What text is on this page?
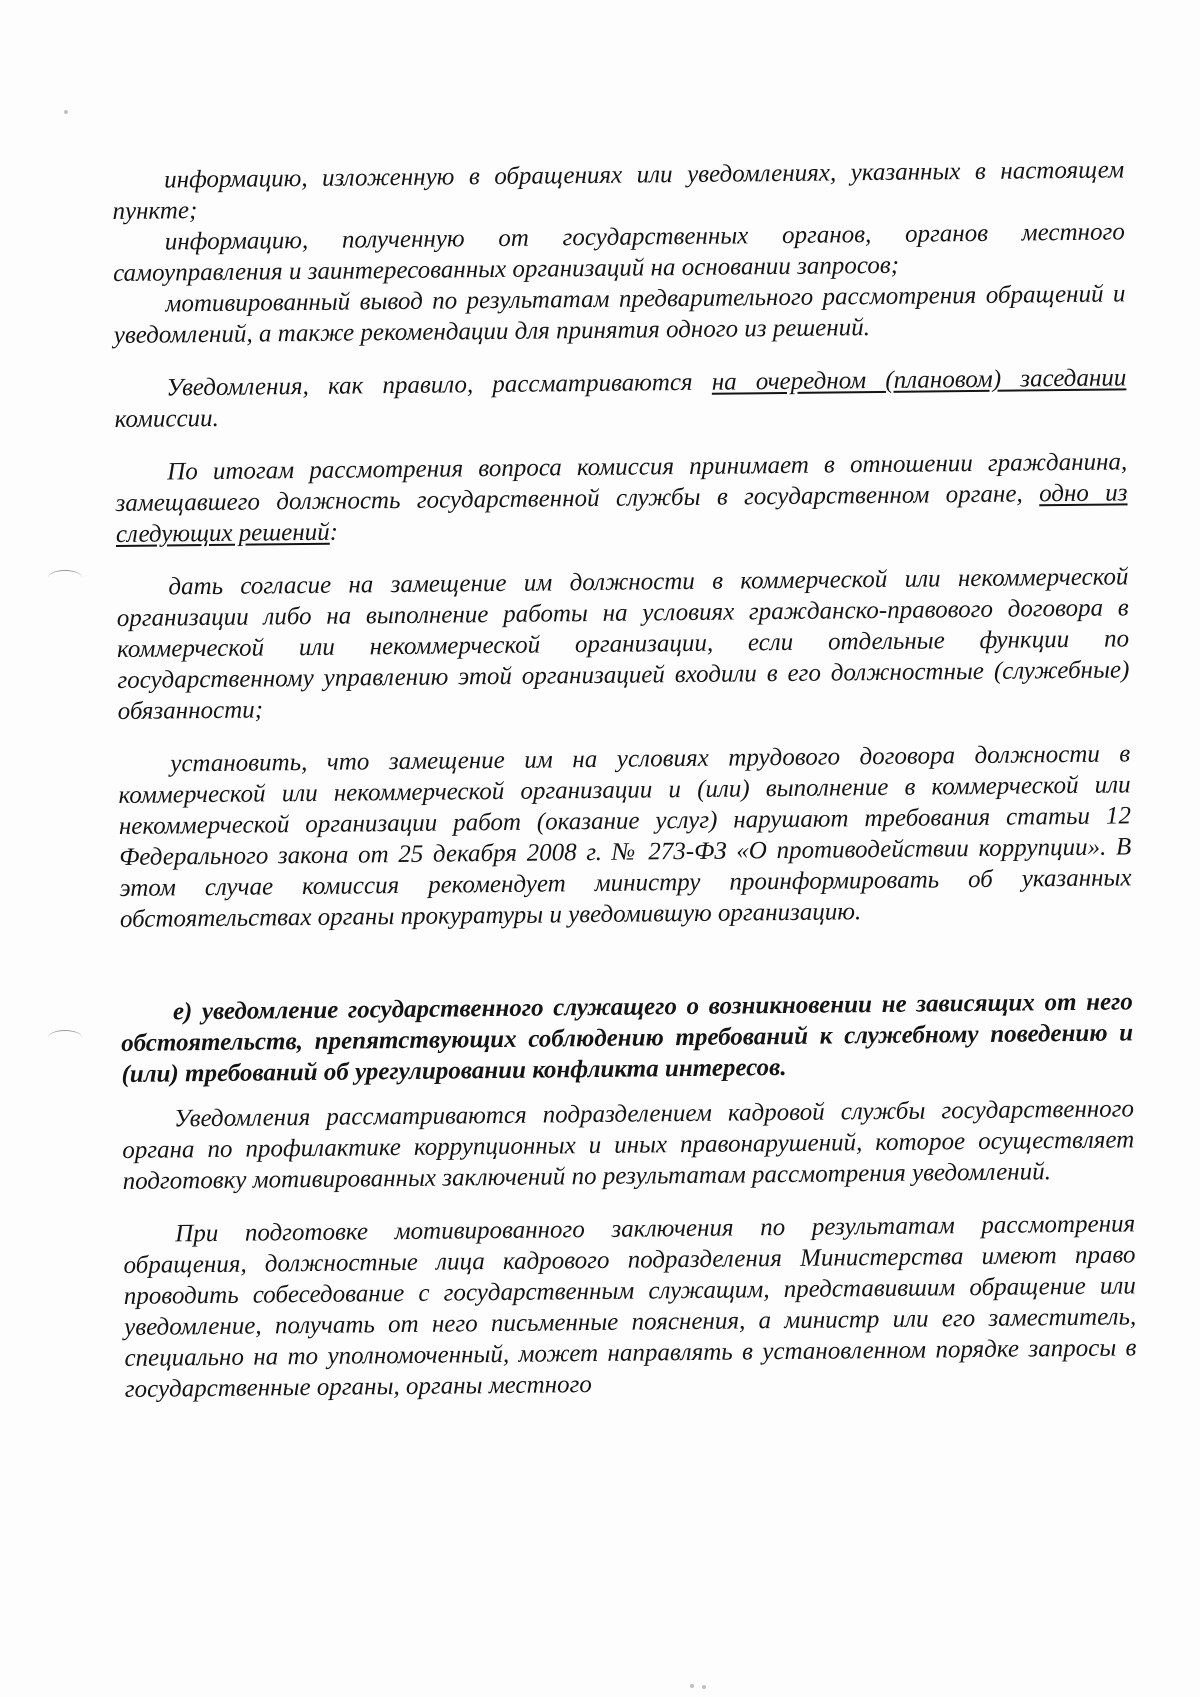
информацию, изложенную в обращениях или уведомлениях, указанных в настоящем пункте;

информацию, полученную от государственных органов, органов местного самоуправления и заинтересованных организаций на основании запросов;

мотивированный вывод по результатам предварительного рассмотрения обращений и уведомлений, а также рекомендации для принятия одного из решений.

Уведомления, как правило, рассматриваются на очередном (плановом) заседании комиссии.

По итогам рассмотрения вопроса комиссия принимает в отношении гражданина, замещавшего должность государственной службы в государственном органе, одно из следующих решений:

дать согласие на замещение им должности в коммерческой или некоммерческой организации либо на выполнение работы на условиях гражданско-правового договора в коммерческой или некоммерческой организации, если отдельные функции по государственному управлению этой организацией входили в его должностные (служебные) обязанности;

установить, что замещение им на условиях трудового договора должности в коммерческой или некоммерческой организации и (или) выполнение в коммерческой или некоммерческой организации работ (оказание услуг) нарушают требования статьи 12 Федерального закона от 25 декабря 2008 г. № 273-ФЗ «О противодействии коррупции». В этом случае комиссия рекомендует министру проинформировать об указанных обстоятельствах органы прокуратуры и уведомившую организацию.

е) уведомление государственного служащего о возникновении не зависящих от него обстоятельств, препятствующих соблюдению требований к служебному поведению и (или) требований об урегулировании конфликта интересов.

Уведомления рассматриваются подразделением кадровой службы государственного органа по профилактике коррупционных и иных правонарушений, которое осуществляет подготовку мотивированных заключений по результатам рассмотрения уведомлений.

При подготовке мотивированного заключения по результатам рассмотрения обращения, должностные лица кадрового подразделения Министерства имеют право проводить собеседование с государственным служащим, представившим обращение или уведомление, получать от него письменные пояснения, а министр или его заместитель, специально на то уполномоченный, может направлять в установленном порядке запросы в государственные органы, органы местного
